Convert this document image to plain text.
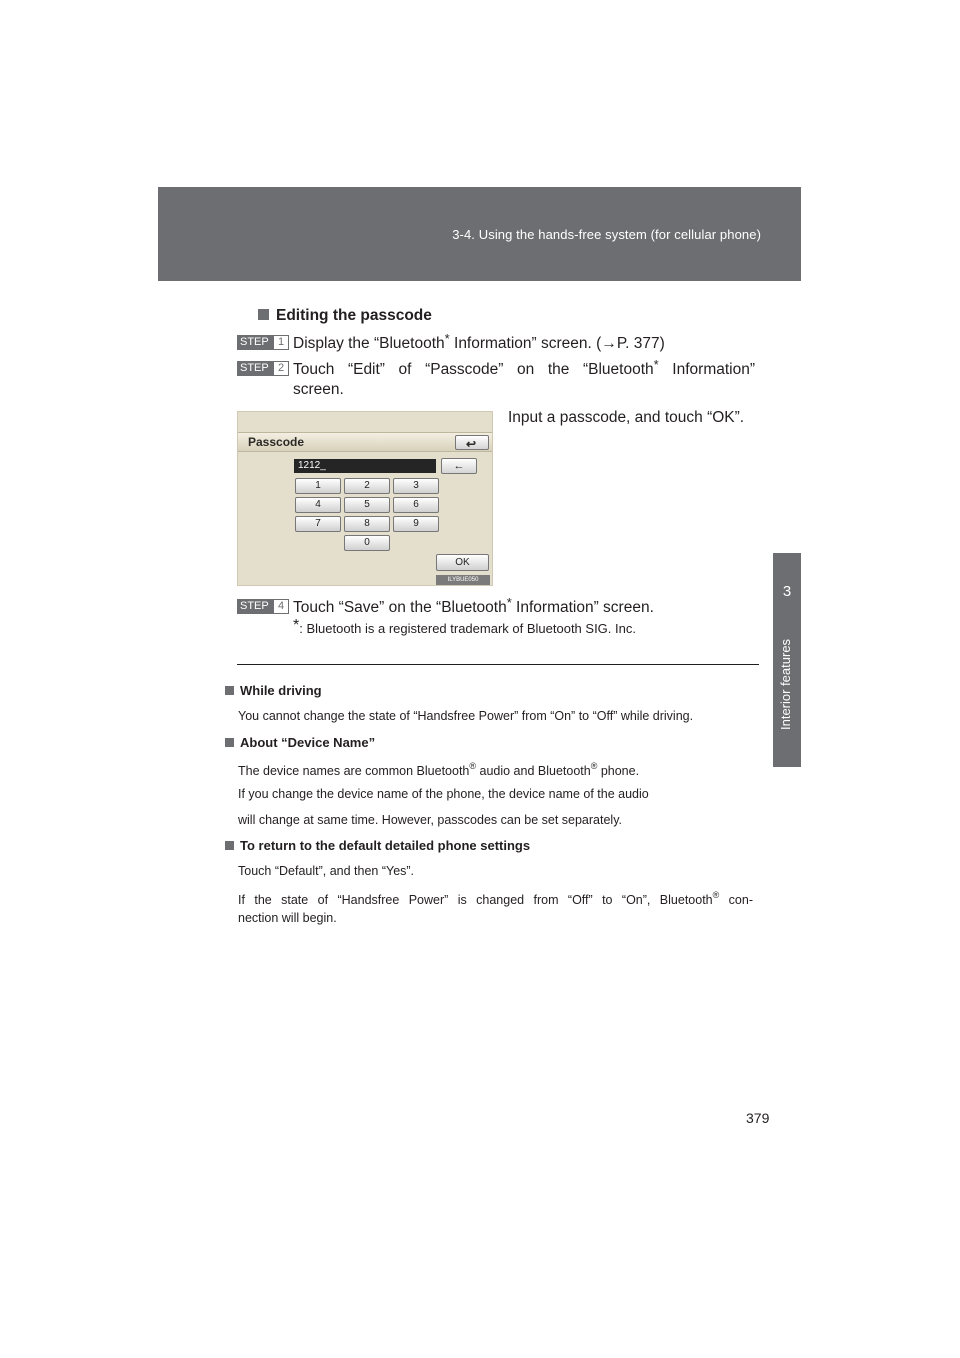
3-4. Using the hands-free system (for cellular phone)
3
Interior features
Editing the passcode
STEP 1 Display the “Bluetooth* Information” screen. (→P. 377)
STEP 2 Touch “Edit” of “Passcode” on the “Bluetooth* Information”
screen.
Input a passcode, and touch “OK”.
Passcode	↩
1212_	←
1	2	3
4	5	6
7	8	9
0
OK
ILYBUE050
STEP 4 Touch “Save” on the “Bluetooth* Information” screen.
*: Bluetooth is a registered trademark of Bluetooth SIG. Inc.
While driving
You cannot change the state of “Handsfree Power” from “On” to “Off” while driving.
About “Device Name”
The device names are common Bluetooth® audio and Bluetooth® phone.
If you change the device name of the phone, the device name of the audio
will change at same time. However, passcodes can be set separately.
To return to the default detailed phone settings
Touch “Default”, and then “Yes”.
If the state of “Handsfree Power” is changed from “Off” to “On”, Bluetooth® con-
nection will begin.
379
